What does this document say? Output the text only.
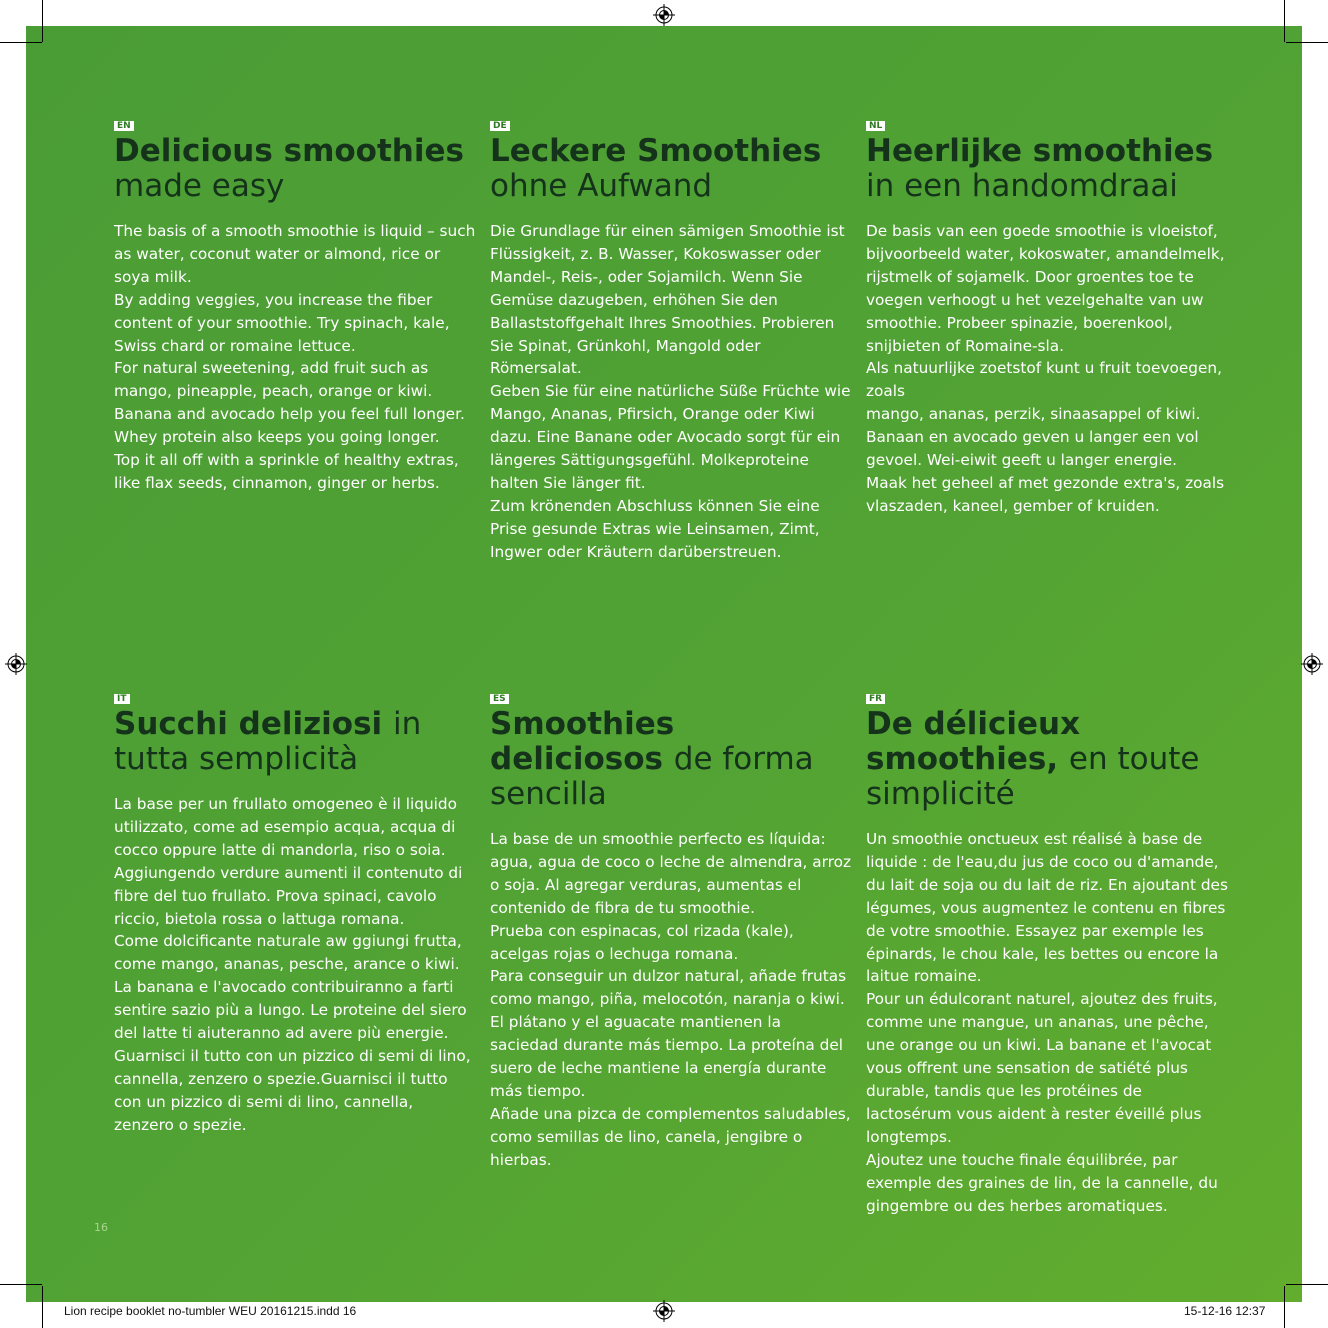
EN
Delicious smoothies
made easy

The basis of a smooth smoothie is liquid – such as water, coconut water or almond, rice or soya milk.

By adding veggies, you increase the fiber content of your smoothie. Try spinach, kale, Swiss chard or romaine lettuce.

For natural sweetening, add fruit such as mango, pineapple, peach, orange or kiwi. Banana and avocado help you feel full longer. Whey protein also keeps you going longer.

Top it all off with a sprinkle of healthy extras, like flax seeds, cinnamon, ginger or herbs.

DE
Leckere Smoothies
ohne Aufwand

Die Grundlage für einen sämigen Smoothie ist Flüssigkeit, z. B. Wasser, Kokoswasser oder Mandel-, Reis-, oder Sojamilch. Wenn Sie Gemüse dazugeben, erhöhen Sie den Ballaststoffgehalt Ihres Smoothies. Probieren Sie Spinat, Grünkohl, Mangold oder Römersalat.

Geben Sie für eine natürliche Süße Früchte wie Mango, Ananas, Pfirsich, Orange oder Kiwi dazu. Eine Banane oder Avocado sorgt für ein längeres Sättigungsgefühl. Molkeproteine halten Sie länger fit.

Zum krönenden Abschluss können Sie eine Prise gesunde Extras wie Leinsamen, Zimt, Ingwer oder Kräutern darüberstreuen.

NL
Heerlijke smoothies
in een handomdraai

De basis van een goede smoothie is vloeistof, bijvoorbeeld water, kokoswater, amandelmelk, rijstmelk of sojamelk. Door groentes toe te voegen verhoogt u het vezelgehalte van uw smoothie. Probeer spinazie, boerenkool, snijbieten of Romaine-sla.

Als natuurlijke zoetstof kunt u fruit toevoegen, zoals

mango, ananas, perzik, sinaasappel of kiwi. Banaan en avocado geven u langer een vol gevoel. Wei-eiwit geeft u langer energie.

Maak het geheel af met gezonde extra's, zoals vlaszaden, kaneel, gember of kruiden.

IT
Succhi deliziosi in tutta semplicità

La base per un frullato omogeneo è il liquido utilizzato, come ad esempio acqua, acqua di cocco oppure latte di mandorla, riso o soia. Aggiungendo verdure aumenti il contenuto di fibre del tuo frullato. Prova spinaci, cavolo riccio, bietola rossa o lattuga romana.

Come dolcificante naturale aw ggiungi frutta, come mango, ananas, pesche, arance o kiwi. La banana e l'avocado contribuiranno a farti sentire sazio più a lungo. Le proteine del siero del latte ti aiuteranno ad avere più energie. Guarnisci il tutto con un pizzico di semi di lino, cannella, zenzero o spezie.Guarnisci il tutto con un pizzico di semi di lino, cannella, zenzero o spezie.

ES
Smoothies deliciosos de forma sencilla

La base de un smoothie perfecto es líquida: agua, agua de coco o leche de almendra, arroz o soja. Al agregar verduras, aumentas el contenido de fibra de tu smoothie.

Prueba con espinacas, col rizada (kale), acelgas rojas o lechuga romana.

Para conseguir un dulzor natural, añade frutas como mango, piña, melocotón, naranja o kiwi. El plátano y el aguacate mantienen la saciedad durante más tiempo. La proteína del suero de leche mantiene la energía durante más tiempo.

Añade una pizca de complementos saludables, como semillas de lino, canela, jengibre o hierbas.

FR
De délicieux smoothies, en toute simplicité

Un smoothie onctueux est réalisé à base de liquide : de l'eau,du jus de coco ou d'amande, du lait de soja ou du lait de riz. En ajoutant des légumes, vous augmentez le contenu en fibres de votre smoothie. Essayez par exemple les épinards, le chou kale, les bettes ou encore la laitue romaine.

Pour un édulcorant naturel, ajoutez des fruits, comme une mangue, un ananas, une pêche, une orange ou un kiwi. La banane et l'avocat vous offrent une sensation de satiété plus durable, tandis que les protéines de lactosérum vous aident à rester éveillé plus longtemps.

Ajoutez une touche finale équilibrée, par exemple des graines de lin, de la cannelle, du gingembre ou des herbes aromatiques.

16
Lion recipe booklet no-tumbler WEU 20161215.indd 16	15-12-16 12:37
